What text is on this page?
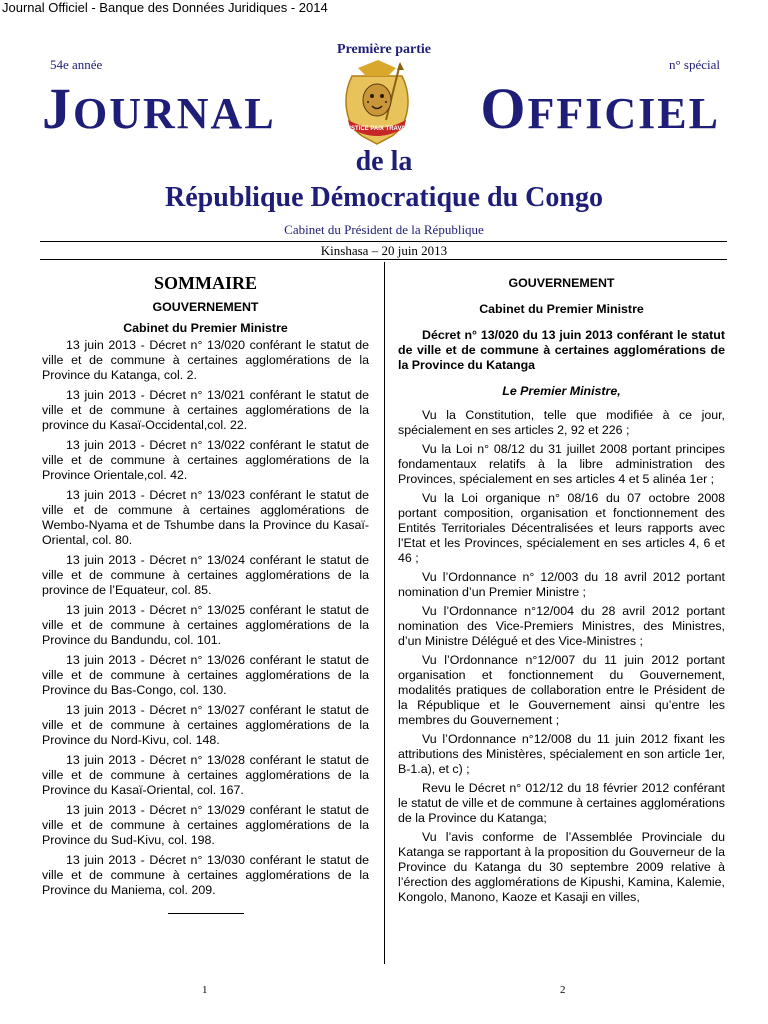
Journal Officiel - Banque des Données Juridiques - 2014
54e année
Première partie
n° spécial
JOURNAL	JUSTICE PAIX TRAVAIL OFFICIEL
de la
République Démocratique du Congo
Cabinet du Président de la République
Kinshasa – 20 juin 2013
SOMMAIRE
GOUVERNEMENT
Cabinet du Premier Ministre

13 juin 2013 - Décret n° 13/020 conférant le statut de ville et de commune à certaines agglomérations de la Province du Katanga, col. 2.

13 juin 2013 - Décret n° 13/021 conférant le statut de ville et de commune à certaines agglomérations de la province du Kasaï-Occidental,col. 22.

13 juin 2013 - Décret n° 13/022 conférant le statut de ville et de commune à certaines agglomérations de la Province Orientale,col. 42.

13 juin 2013 - Décret n° 13/023 conférant le statut de ville et de commune à certaines agglomérations de Wembo-Nyama et de Tshumbe dans la Province du Kasaï-Oriental, col. 80.

13 juin 2013 - Décret n° 13/024 conférant le statut de ville et de commune à certaines agglomérations de la province de l’Equateur, col. 85.

13 juin 2013 - Décret n° 13/025 conférant le statut de ville et de commune à certaines agglomérations de la Province du Bandundu, col. 101.

13 juin 2013 - Décret n° 13/026 conférant le statut de ville et de commune à certaines agglomérations de la Province du Bas-Congo, col. 130.

13 juin 2013 - Décret n° 13/027 conférant le statut de ville et de commune à certaines agglomérations de la Province du Nord-Kivu, col. 148.

13 juin 2013 - Décret n° 13/028 conférant le statut de ville et de commune à certaines agglomérations de la Province du Kasaï-Oriental, col. 167.

13 juin 2013 - Décret n° 13/029 conférant le statut de ville et de commune à certaines agglomérations de la Province du Sud-Kivu, col. 198.

13 juin 2013 - Décret n° 13/030 conférant le statut de ville et de commune à certaines agglomérations de la Province du Maniema, col. 209.

GOUVERNEMENT
Cabinet du Premier Ministre
Décret n° 13/020 du 13 juin 2013 conférant le statut de ville et de commune à certaines agglomérations de la Province du Katanga
Le Premier Ministre,

Vu la Constitution, telle que modifiée à ce jour, spécialement en ses articles 2, 92 et 226 ;

Vu la Loi n° 08/12 du 31 juillet 2008 portant principes fondamentaux relatifs à la libre administration des Provinces, spécialement en ses articles 4 et 5 alinéa 1er ;

Vu la Loi organique n° 08/16 du 07 octobre 2008 portant composition, organisation et fonctionnement des Entités Territoriales Décentralisées et leurs rapports avec l’Etat et les Provinces, spécialement en ses articles 4, 6 et 46 ;

Vu l’Ordonnance n° 12/003 du 18 avril 2012 portant nomination d’un Premier Ministre ;

Vu l’Ordonnance n°12/004 du 28 avril 2012 portant nomination des Vice-Premiers Ministres, des Ministres, d’un Ministre Délégué et des Vice-Ministres ;

Vu l’Ordonnance n°12/007 du 11 juin 2012 portant organisation et fonctionnement du Gouvernement, modalités pratiques de collaboration entre le Président de la République et le Gouvernement ainsi qu’entre les membres du Gouvernement ;

Vu l’Ordonnance n°12/008 du 11 juin 2012 fixant les attributions des Ministères, spécialement en son article 1er, B-1.a), et c) ;

Revu le Décret n° 012/12 du 18 février 2012 conférant le statut de ville et de commune à certaines agglomérations de la Province du Katanga;

Vu l’avis conforme de l’Assemblée Provinciale du Katanga se rapportant à la proposition du Gouverneur de la Province du Katanga du 30 septembre 2009 relative à l’érection des agglomérations de Kipushi, Kamina, Kalemie, Kongolo, Manono, Kaoze et Kasaji en villes,

1	2
